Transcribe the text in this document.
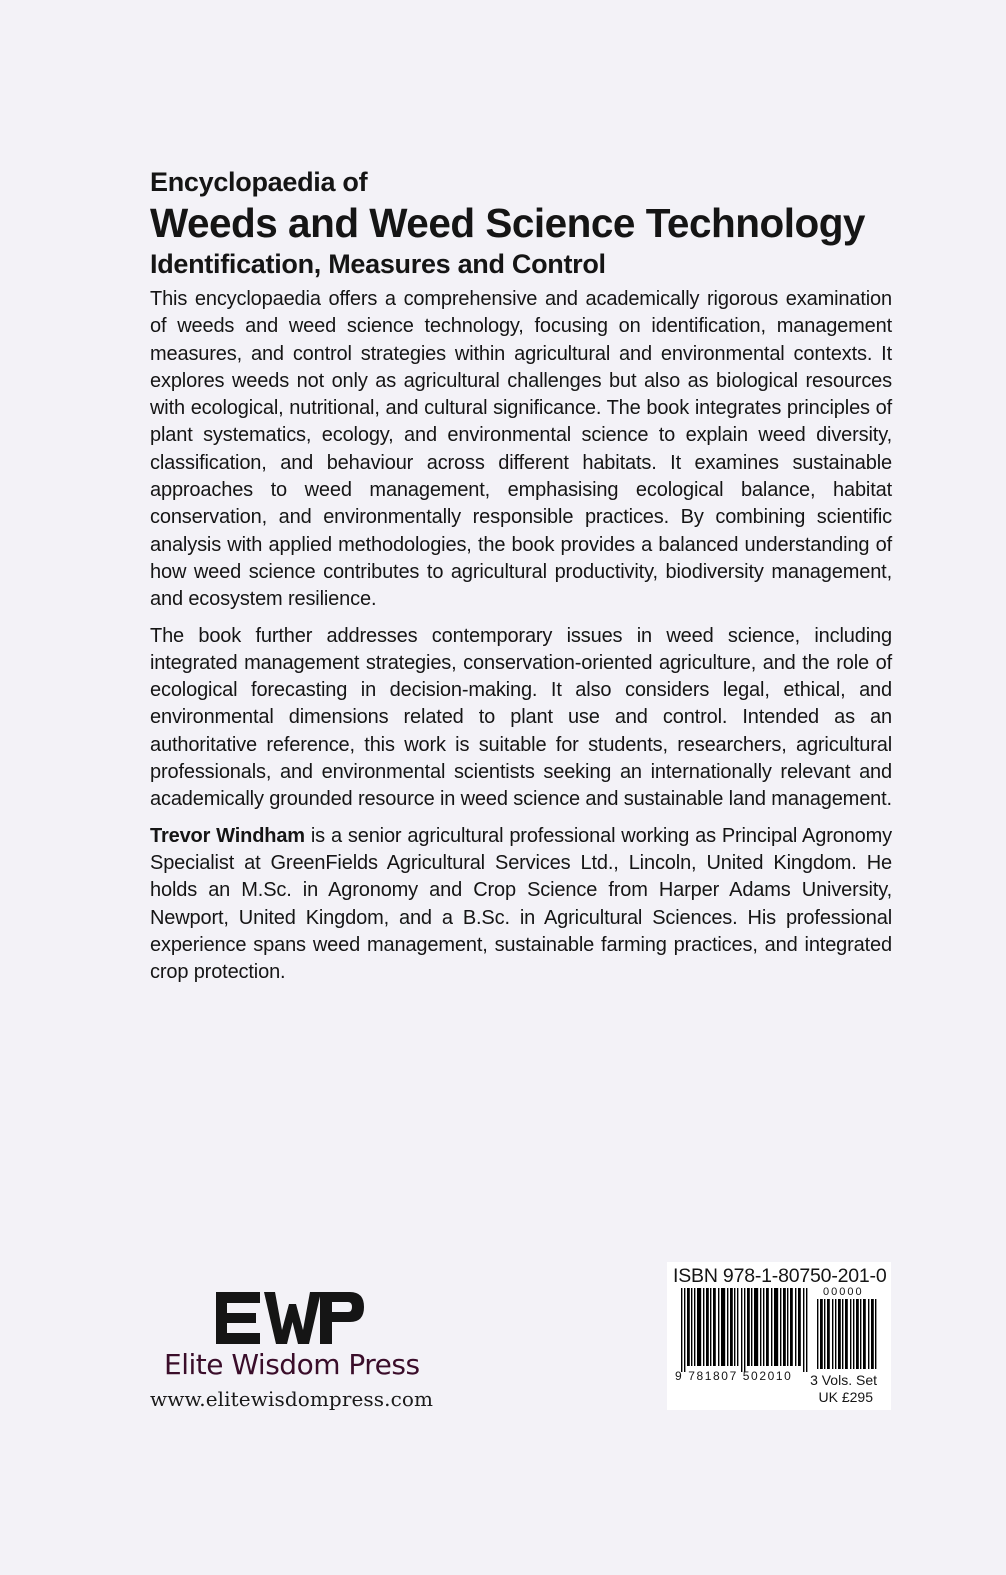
Encyclopaedia of
Weeds and Weed Science Technology
Identification, Measures and Control

This encyclopaedia offers a comprehensive and academically rigorous examination of weeds and weed science technology, focusing on identification, management measures, and control strategies within agricultural and environmental contexts. It explores weeds not only as agricultural challenges but also as biological resources with ecological, nutritional, and cultural significance. The book integrates principles of plant systematics, ecology, and environmental science to explain weed diversity, classification, and behaviour across different habitats. It examines sustainable approaches to weed management, emphasising ecological balance, habitat conservation, and environmentally responsible practices. By combining scientific analysis with applied methodologies, the book provides a balanced understanding of how weed science contributes to agricultural productivity, biodiversity management, and ecosystem resilience.

The book further addresses contemporary issues in weed science, including integrated management strategies, conservation-oriented agriculture, and the role of ecological forecasting in decision-making. It also considers legal, ethical, and environmental dimensions related to plant use and control. Intended as an authoritative reference, this work is suitable for students, researchers, agricultural professionals, and environmental scientists seeking an internationally relevant and academically grounded resource in weed science and sustainable land management.

Trevor Windham is a senior agricultural professional working as Principal Agronomy Specialist at GreenFields Agricultural Services Ltd., Lincoln, United Kingdom. He holds an M.Sc. in Agronomy and Crop Science from Harper Adams University, Newport, United Kingdom, and a B.Sc. in Agricultural Sciences. His professional experience spans weed management, sustainable farming practices, and integrated crop protection.

Elite Wisdom Press
www.elitewisdompress.com
ISBN 978-1-80750-201-0
9 781807 502010
00000
3 Vols. Set
UK £295
